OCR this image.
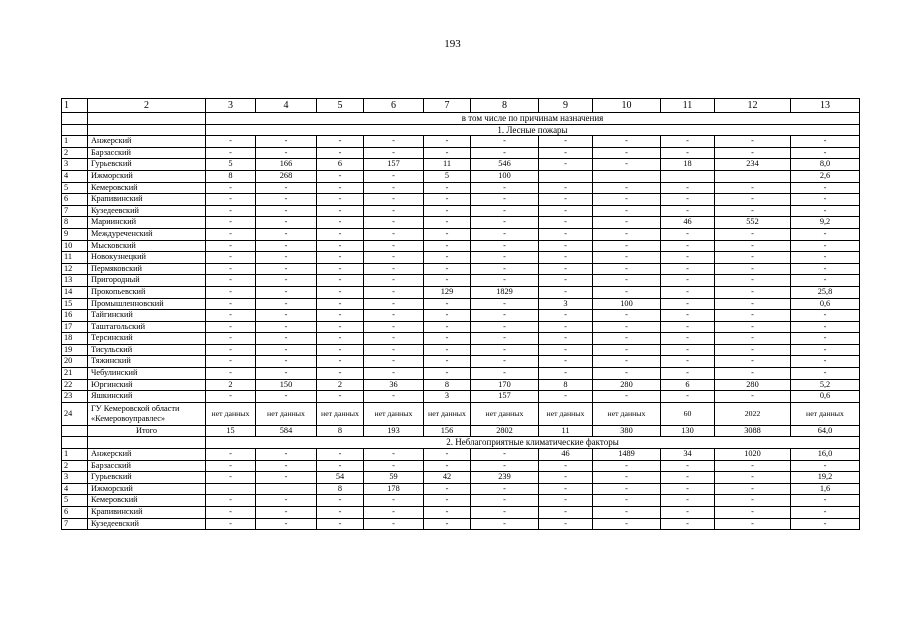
193
1	2	3	4	5	6	7	8	9	10	11	12	13
		в том числе по причинам назначения										
		1. Лесные пожары										
1	Анжерский	-	-	-	-	-	-	-	-	-	-	-
2	Барзасский	-	-	-	-	-	-	-	-	-	-	-
3	Гурьевский	5	166	6	157	11	546	-	-	18	234	8,0
4	Ижморский	8	268	-	-	5	100					2,6
5	Кемеровский	-	-	-	-	-	-	-	-	-	-	-
6	Крапивинский	-	-	-	-	-	-	-	-	-	-	-
7	Кузедеевский	-	-	-	-	-	-	-	-	-	-	-
8	Мариинский	-	-	-	-	-	-	-	-	46	552	9,2
9	Междуреченский	-	-	-	-	-	-	-	-	-	-	-
10	Мысковский	-	-	-	-	-	-	-	-	-	-	-
11	Новокузнецкий	-	-	-	-	-	-	-	-	-	-	-
12	Пермяковский	-	-	-	-	-	-	-	-	-	-	-
13	Пригородный	-	-	-	-	-	-	-	-	-	-	-
14	Прокопьевский	-	-	-	-	129	1829	-	-	-	-	25,8
15	Промышленновский	-	-	-	-	-	-	3	100	-	-	0,6
16	Тайгинский	-	-	-	-	-	-	-	-	-	-	-
17	Таштагольский	-	-	-	-	-	-	-	-	-	-	-
18	Терсинский	-	-	-	-	-	-	-	-	-	-	-
19	Тисульский	-	-	-	-	-	-	-	-	-	-	-
20	Тяжинский	-	-	-	-	-	-	-	-	-	-	-
21	Чебулинский	-	-	-	-	-	-	-	-	-	-	-
22	Юргинский	2	150	2	36	8	170	8	280	6	280	5,2
23	Яшкинский	-	-	-	-	3	157	-	-	-	-	0,6
24	ГУ Кемеровской области «Кемеровоуправлес»	нет данных	нет данных	нет данных	нет данных	нет данных	нет данных	нет данных	нет данных	60	2022	нет данных
	Итого	15	584	8	193	156	2802	11	380	130	3088	64,0
		2. Неблагоприятные климатические факторы										
1	Анжерский	-	-	-	-	-	-	46	1489	34	1020	16,0
2	Барзасский	-	-	-	-	-	-	-	-	-	-	-
3	Гурьевский	-	-	54	59	42	239	-	-	-	-	19,2
4	Ижморский			8	178	-	-	-	-	-	-	1,6
5	Кемеровский	-	-	-	-	-	-	-	-	-	-	-
6	Крапивинский	-	-	-	-	-	-	-	-	-	-	-
7	Кузедеевский	-	-	-	-	-	-	-	-	-	-	-
